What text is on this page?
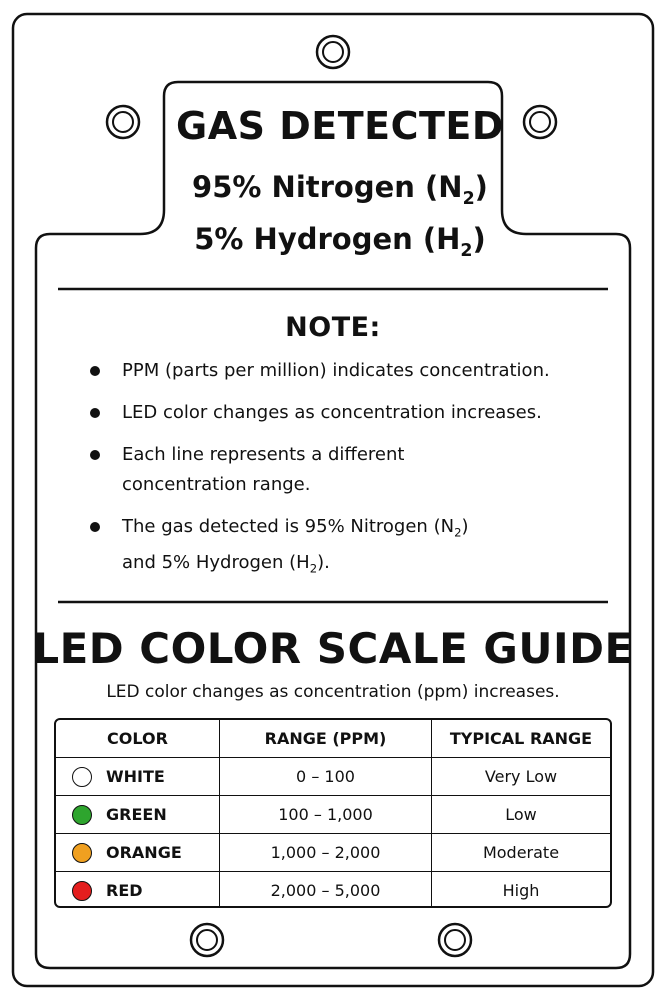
GAS DETECTED
95% Nitrogen $(N_2)$
5% Hydrogen $(H_2)$
NOTE:
PPM (parts per million) indicates concentration.
LED color changes as concentration increases.
Each line represents a different
concentration range.
The gas detected is 95% Nitrogen $(N_2)$
and 5% Hydrogen $(H_2)$.
LED COLOR SCALE GUIDE
LED color changes as concentration (ppm) increases.
COLOR	RANGE (PPM)	TYPICAL RANGE
WHITE	0 – 100	Very Low
GREEN	100 – 1,000	Low
ORANGE	1,000 – 2,000	Moderate
RED	2,000 – 5,000	High
